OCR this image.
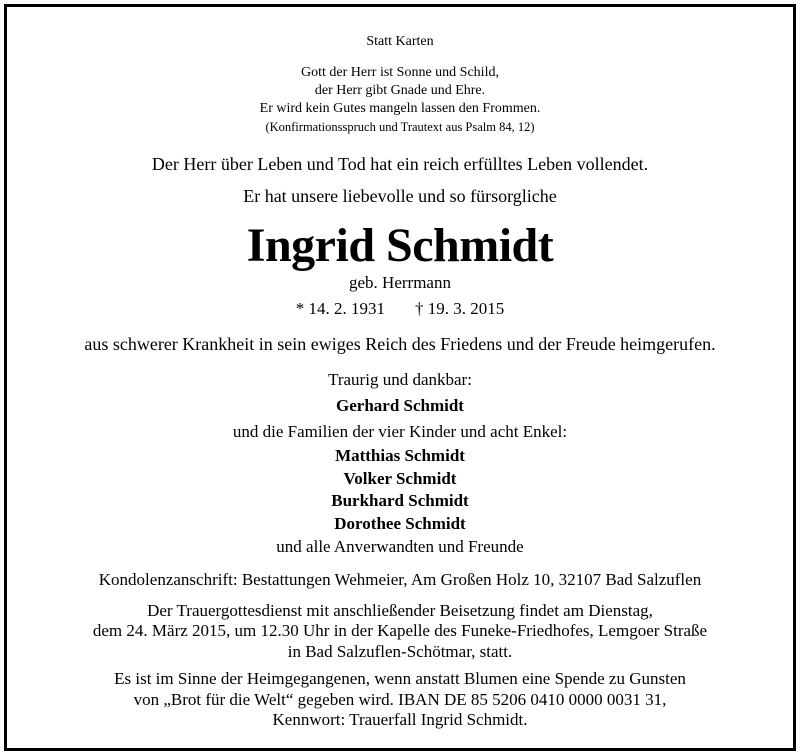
Statt Karten
Gott der Herr ist Sonne und Schild,
der Herr gibt Gnade und Ehre.
Er wird kein Gutes mangeln lassen den Frommen.
(Konfirmationsspruch und Trautext aus Psalm 84, 12)
Der Herr über Leben und Tod hat ein reich erfülltes Leben vollendet.
Er hat unsere liebevolle und so fürsorgliche
Ingrid Schmidt
geb. Herrmann
* 14. 2. 1931 † 19. 3. 2015
aus schwerer Krankheit in sein ewiges Reich des Friedens und der Freude heimgerufen.
Traurig und dankbar:
Gerhard Schmidt
und die Familien der vier Kinder und acht Enkel:
Matthias Schmidt
Volker Schmidt
Burkhard Schmidt
Dorothee Schmidt
und alle Anverwandten und Freunde
Kondolenzanschrift: Bestattungen Wehmeier, Am Großen Holz 10, 32107 Bad Salzuflen
Der Trauergottesdienst mit anschließender Beisetzung findet am Dienstag,
dem 24. März 2015, um 12.30 Uhr in der Kapelle des Funeke-Friedhofes, Lemgoer Straße
in Bad Salzuflen-Schötmar, statt.
Es ist im Sinne der Heimgegangenen, wenn anstatt Blumen eine Spende zu Gunsten
von „Brot für die Welt“ gegeben wird. IBAN DE 85 5206 0410 0000 0031 31,
Kennwort: Trauerfall Ingrid Schmidt.
